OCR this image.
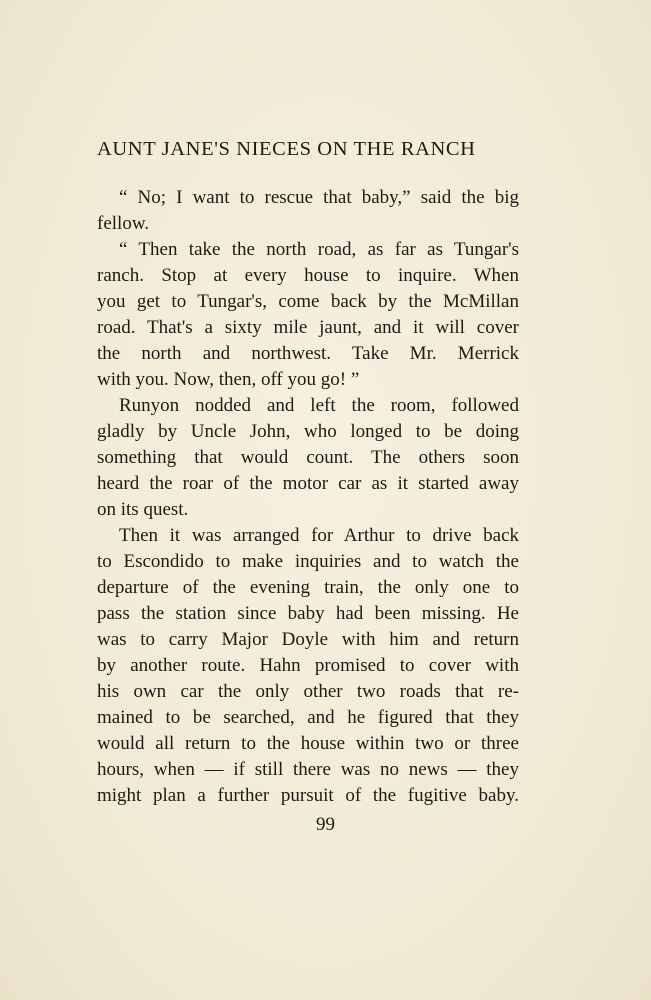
AUNT JANE'S NIECES ON THE RANCH
“ No; I want to rescue that baby,” said the big
fellow.
“ Then take the north road, as far as Tungar's
ranch. Stop at every house to inquire. When
you get to Tungar's, come back by the McMillan
road. That's a sixty mile jaunt, and it will cover
the north and northwest. Take Mr. Merrick
with you. Now, then, off you go! ”
Runyon nodded and left the room, followed
gladly by Uncle John, who longed to be doing
something that would count. The others soon
heard the roar of the motor car as it started away
on its quest.
Then it was arranged for Arthur to drive back
to Escondido to make inquiries and to watch the
departure of the evening train, the only one to
pass the station since baby had been missing. He
was to carry Major Doyle with him and return
by another route. Hahn promised to cover with
his own car the only other two roads that re-
mained to be searched, and he figured that they
would all return to the house within two or three
hours, when — if still there was no news — they
might plan a further pursuit of the fugitive baby.
99
